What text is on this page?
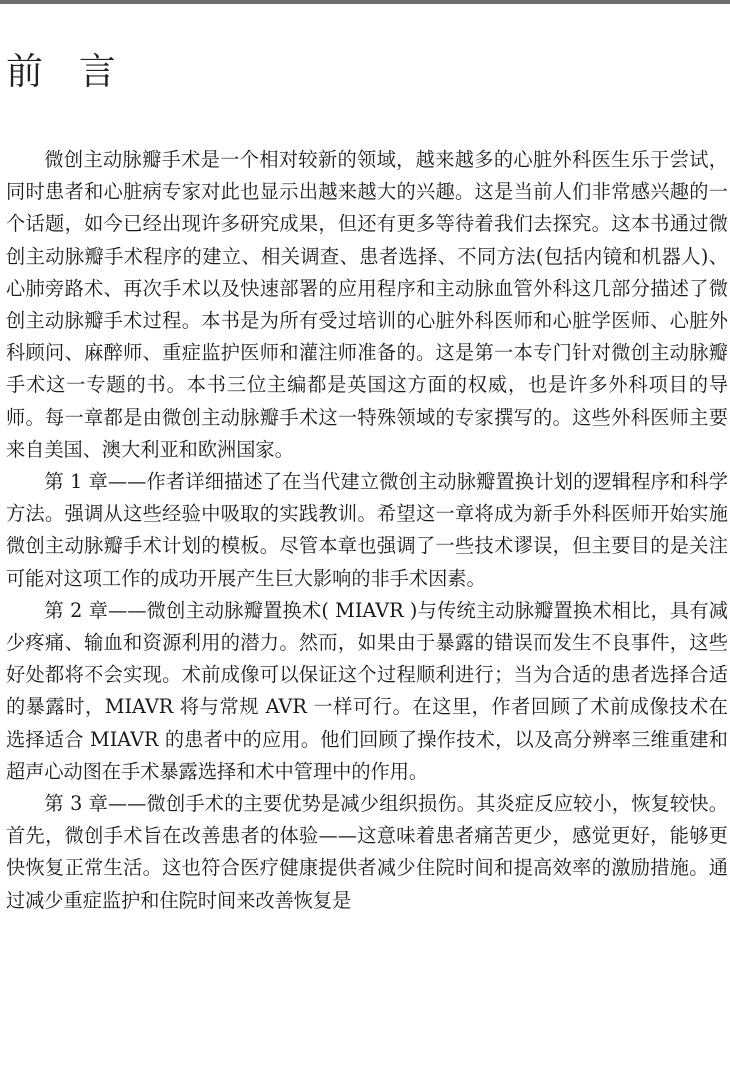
前 言

微创主动脉瓣手术是一个相对较新的领域，越来越多的心脏外科医生乐于尝试，同时患者和心脏病专家对此也显示出越来越大的兴趣。这是当前人们非常感兴趣的一个话题，如今已经出现许多研究成果，但还有更多等待着我们去探究。这本书通过微创主动脉瓣手术程序的建立、相关调查、患者选择、不同方法(包括内镜和机器人)、心肺旁路术、再次手术以及快速部署的应用程序和主动脉血管外科这几部分描述了微创主动脉瓣手术过程。本书是为所有受过培训的心脏外科医师和心脏学医师、心脏外科顾问、麻醉师、重症监护医师和灌注师准备的。这是第一本专门针对微创主动脉瓣手术这一专题的书。本书三位主编都是英国这方面的权威，也是许多外科项目的导师。每一章都是由微创主动脉瓣手术这一特殊领域的专家撰写的。这些外科医师主要来自美国、澳大利亚和欧洲国家。

第 1 章——作者详细描述了在当代建立微创主动脉瓣置换计划的逻辑程序和科学方法。强调从这些经验中吸取的实践教训。希望这一章将成为新手外科医师开始实施微创主动脉瓣手术计划的模板。尽管本章也强调了一些技术谬误，但主要目的是关注可能对这项工作的成功开展产生巨大影响的非手术因素。

第 2 章——微创主动脉瓣置换术( MIAVR )与传统主动脉瓣置换术相比，具有减少疼痛、输血和资源利用的潜力。然而，如果由于暴露的错误而发生不良事件，这些好处都将不会实现。术前成像可以保证这个过程顺利进行；当为合适的患者选择合适的暴露时，MIAVR 将与常规 AVR 一样可行。在这里，作者回顾了术前成像技术在选择适合 MIAVR 的患者中的应用。他们回顾了操作技术，以及高分辨率三维重建和超声心动图在手术暴露选择和术中管理中的作用。

第 3 章——微创手术的主要优势是减少组织损伤。其炎症反应较小，恢复较快。首先，微创手术旨在改善患者的体验——这意味着患者痛苦更少，感觉更好，能够更快恢复正常生活。这也符合医疗健康提供者减少住院时间和提高效率的激励措施。通过减少重症监护和住院时间来改善恢复是
